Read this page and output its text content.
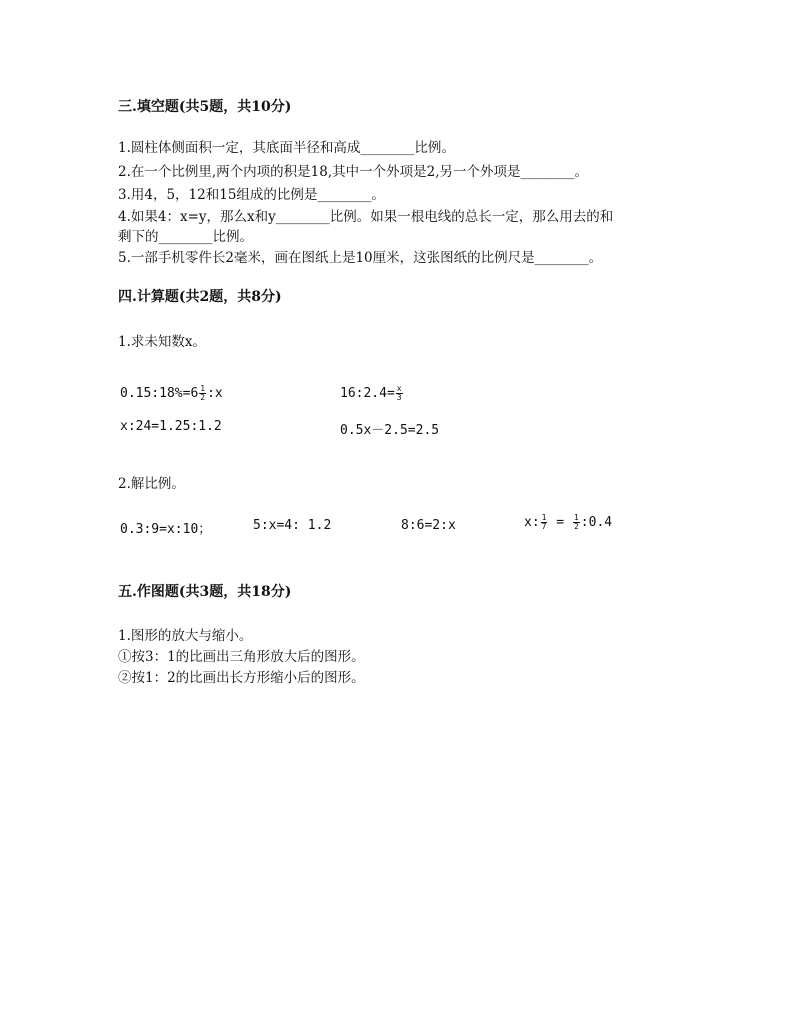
三.填空题(共5题，共10分)
1.圆柱体侧面积一定，其底面半径和高成________比例。
2.在一个比例里,两个内项的积是18,其中一个外项是2,另一个外项是________。
3.用4，5，12和15组成的比例是________。
4.如果4：x=y，那么x和y________比例。如果一根电线的总长一定，那么用去的和
剩下的________比例。
5.一部手机零件长2毫米，画在图纸上是10厘米，这张图纸的比例尺是________。
四.计算题(共2题，共8分)
1.求未知数x。
0.15:18%=6 $\frac{1}{2}$ :x	16:2.4= $\frac{x}{3}$
x:24=1.25:1.2	0.5x－2.5=2.5
2.解比例。
0.3:9=x:10；	5:x=4: 1.2	8:6=2:x	x: $\frac{1}{7} = \frac{1}{2}$ :0.4
五.作图题(共3题，共18分)
1.图形的放大与缩小。
①按3：1的比画出三角形放大后的图形。
②按1：2的比画出长方形缩小后的图形。
